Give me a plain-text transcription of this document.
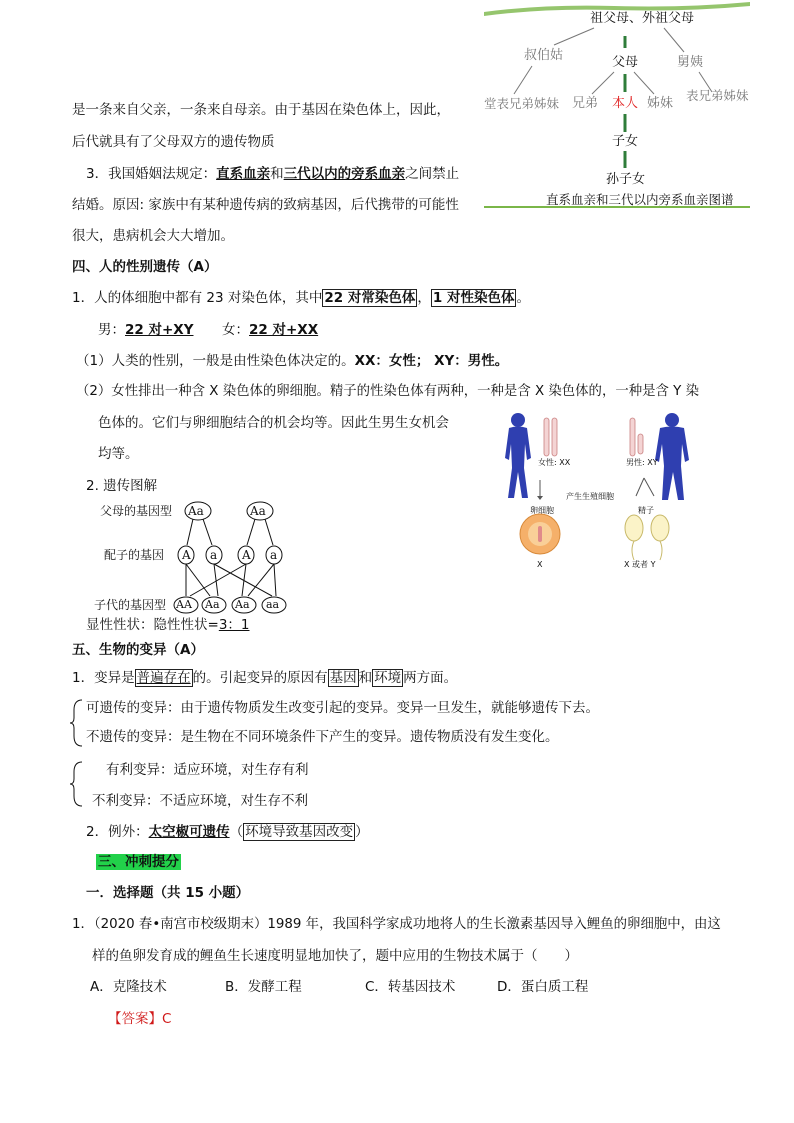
祖父母、外祖父母
叔伯姑	父母	舅姨
表兄弟姊妹
堂表兄弟姊妹 兄弟 本人 姊妹
子女
孙子女
直系血亲和三代以内旁系血亲图谱
是一条来自父亲，一条来自母亲。由于基因在染色体上，因此，
后代就具有了父母双方的遗传物质
3．我国婚姻法规定：直系血亲和三代以内的旁系血亲之间禁止
结婚。原因: 家族中有某种遗传病的致病基因，后代携带的可能性
很大，患病机会大大增加。
四、人的性别遗传（A）
1．人的体细胞中都有 23 对染色体，其中 22 对常染色体 ， 1 对性染色体 。
男：22 对+XY 女：22 对+XX
（1）人类的性别，一般是由性染色体决定的。XX：女性； XY：男性。
（2）女性排出一种含 X 染色体的卵细胞。精子的性染色体有两种，一种是含 X 染色体的，一种是含 Y 染
色体的。它们与卵细胞结合的机会均等。因此生男生女机会
均等。
2. 遗传图解
女性: XX	男性: XY
产生生殖细胞
卵细胞	精子
X	X 或者 Y
父母的基因型
配子的基因
子代的基因型
Aa	Aa
A a A a
AA Aa Aa aa
显性性状：隐性性状=3：1
五、生物的变异（A）
1．变异是 普遍存在 的。引起变异的原因有 基因 和 环境 两方面。
可遗传的变异：由于遗传物质发生改变引起的变异。变异一旦发生，就能够遗传下去。
不遗传的变异：是生物在不同环境条件下产生的变异。遗传物质没有发生变化。
有利变异：适应环境，对生存有利
不利变异：不适应环境，对生存不利
2．例外：太空椒可遗传（ 环境导致基因改变 ）
三、冲刺提分
一．选择题（共 15 小题）
1．（2020 春•南宫市校级期末）1989 年，我国科学家成功地将人的生长激素基因导入鲤鱼的卵细胞中，由这
样的鱼卵发育成的鲤鱼生长速度明显地加快了，题中应用的生物技术属于（　　）
A．克隆技术	B．发酵工程	C．转基因技术	D．蛋白质工程
【答案】C
